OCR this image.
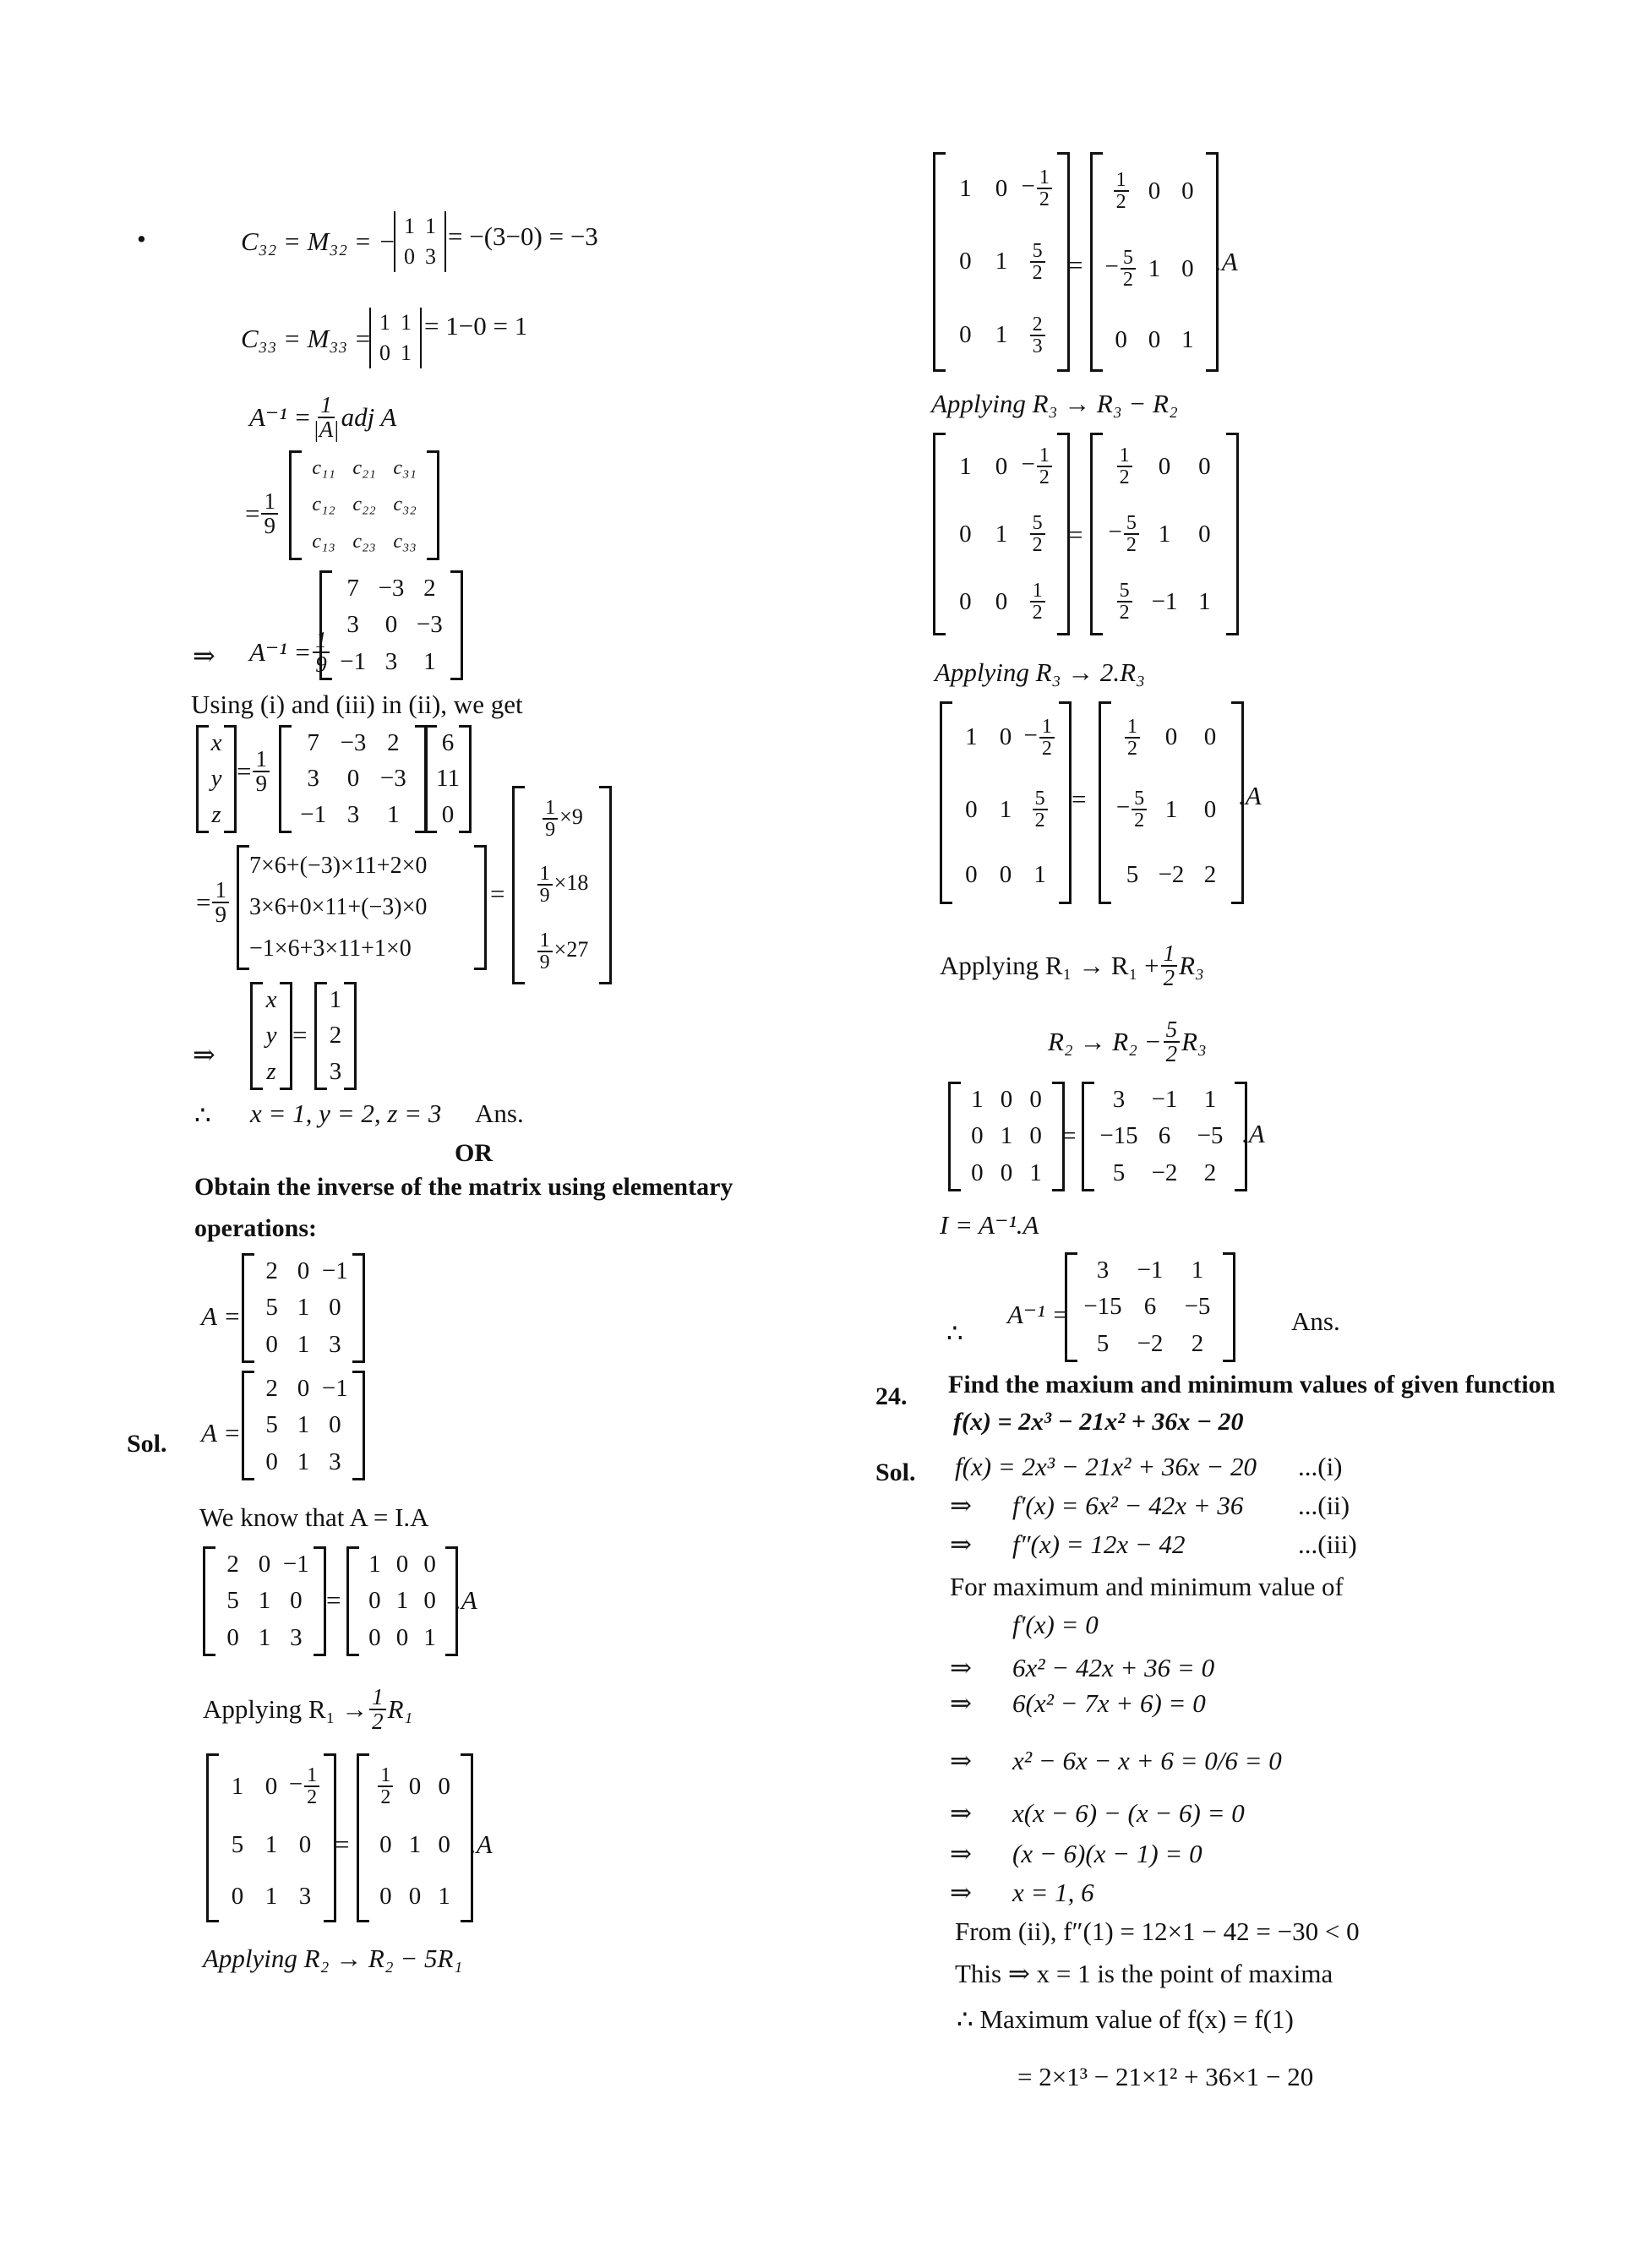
•	C₃₂ = M₃₂ = −
1 1
0 3
= −(3−0) = −3
C₃₃ = M₃₃ =
1 1
0 1
= 1−0 = 1
$A^{-1} = \frac{1}{|A|}$ adj A
= $\frac{1}{9}$
c₁₁ c₂₁ c₃₁
c₁₂ c₂₂ c₃₂
c₁₃ c₂₃ c₃₃
⇒ $A^{-1} = \frac{1}{9}$
7 −3 2
3 0 −3
−1 3 1
Using (i) and (iii) in (ii), we get
x
y
z
= $\frac{1}{9}$
7 −3 2
3 0 −3
−1 3 1
6
11
0
= $\frac{1}{9}$
7×6+(−3)×11+2×0
3×6+0×11+(−3)×0
−1×6+3×11+1×0
=
$\frac{1}{9} \times 9$
$\frac{1}{9} \times 18$
$\frac{1}{9} \times 27$
⇒
x
y
z
=
1
2
3
∴ x = 1, y = 2, z = 3 Ans.
OR
Obtain the inverse of the matrix using elementary
operations:
A =
2 0 −1
5 1 0
0 1 3
Sol. A =
2 0 −1
5 1 0
0 1 3
We know that A = I.A
2 0 −1
5 1 0
0 1 3
=
1 0 0
0 1 0
0 0 1
.A
Applying $R_1 \to \frac{1}{2} R_1$
1 $0 - \frac{1}{2}$
5 1 0
0 1 3
=
$\frac{1}{2} 0$ 0
0 1 0
0 0 1
.A
Applying R₂ → R₂ − 5R₁
1 $0 - \frac{1}{2}$
0 $1 \frac{5}{2}$
0 $1 \frac{2}{3}$
=
$\frac{1}{2} 0$ 0
− $\frac{5}{2} 1$ 0
0 0 1
.A
Applying R₃ → R₃ − R₂
1 $0 - \frac{1}{2}$
0 $1 \frac{5}{2}$
0 $0 \frac{1}{2}$
=
$\frac{1}{2} 0$ 0
− $\frac{5}{2} 1$ 0
$\frac{5}{2} -1$ 1
Applying R₃ → 2.R₃
1 $0 - \frac{1}{2}$
0 $1 \frac{5}{2}$
0 0 1
=
$\frac{1}{2} 0$ 0
− $\frac{5}{2} 1$ 0
5 −2 2
.A
Applying $R_1 \to R_1 + \frac{1}{2} R_3$
$R_2 \to R_2 - \frac{5}{2} R_3$
1 0 0
0 1 0
0 0 1
=
3 −1 1
−15 6 −5
5 −2 2
.A
I = A⁻¹.A
∴
A⁻¹ =
3 −1 1
−15 6 −5
5 −2 2
Ans.
24. Find the maxium and minimum values of given function
f(x) = 2x³ − 21x² + 36x − 20
Sol. f(x) = 2x³ − 21x² + 36x − 20 ...(i)
⇒ f′(x) = 6x² − 42x + 36 ...(ii)
⇒ f″(x) = 12x − 42	...(iii)
For maximum and minimum value of
f′(x) = 0
⇒ 6x² − 42x + 36 = 0
⇒ 6(x² − 7x + 6) = 0
⇒ x² − 6x − x + 6 = 0/6 = 0
⇒ x(x − 6) − (x − 6) = 0
⇒ (x − 6)(x − 1) = 0
⇒ x = 1, 6
From (ii), f″(1) = 12×1 − 42 = −30 < 0
This ⇒ x = 1 is the point of maxima
∴ Maximum value of f(x) = f(1)
= 2×1³ − 21×1² + 36×1 − 20
